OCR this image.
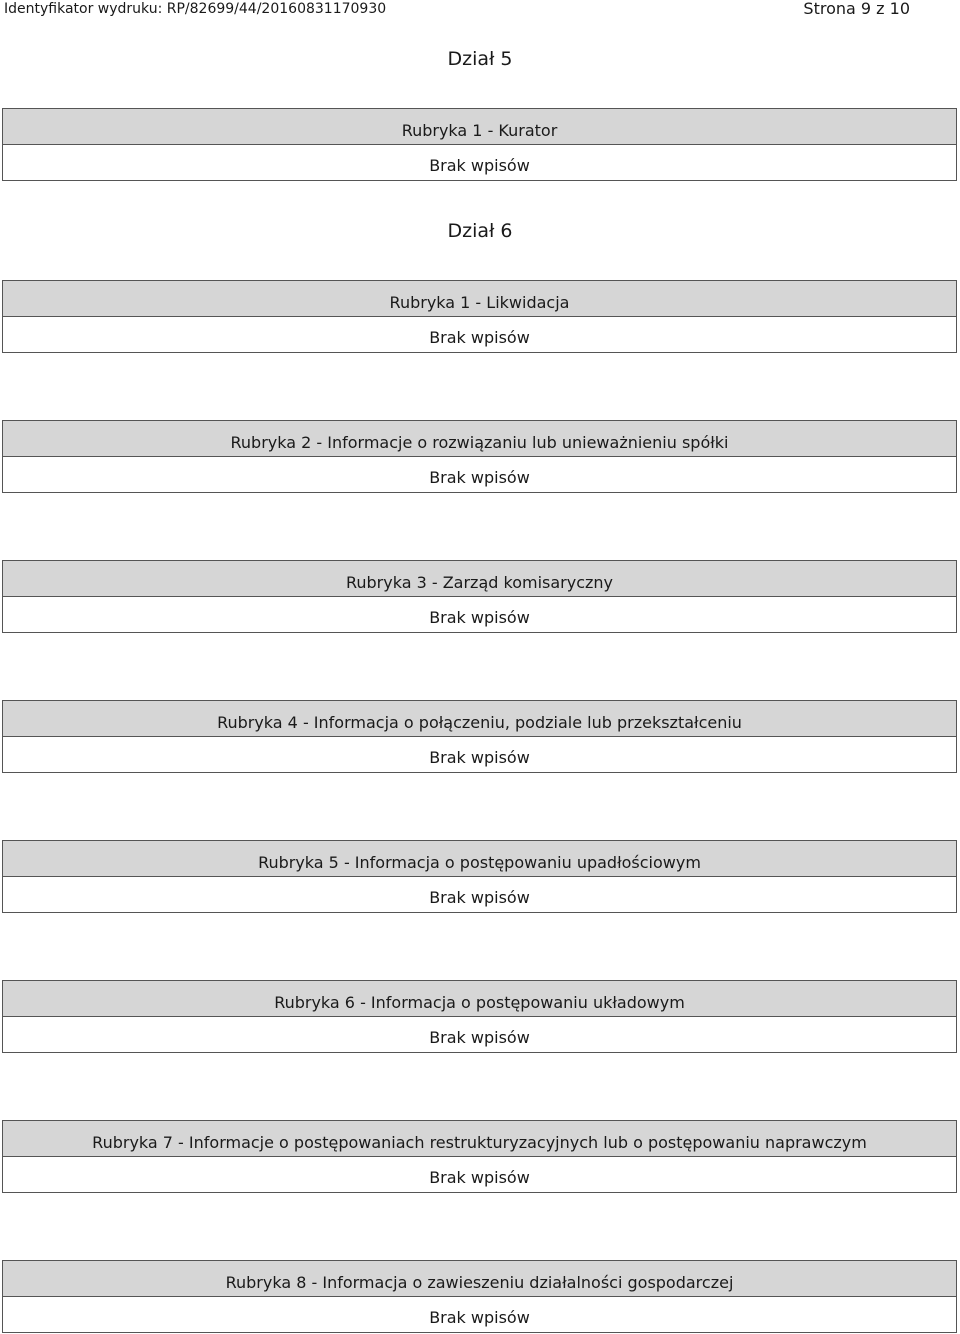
Identyfikator wydruku: RP/82699/44/20160831170930	Strona 9 z 10
Dział 5
Rubryka 1 - Kurator
Brak wpisów
Dział 6
Rubryka 1 - Likwidacja
Brak wpisów
Rubryka 2 - Informacje o rozwiązaniu lub unieważnieniu spółki
Brak wpisów
Rubryka 3 - Zarząd komisaryczny
Brak wpisów
Rubryka 4 - Informacja o połączeniu, podziale lub przekształceniu
Brak wpisów
Rubryka 5 - Informacja o postępowaniu upadłościowym
Brak wpisów
Rubryka 6 - Informacja o postępowaniu układowym
Brak wpisów
Rubryka 7 - Informacje o postępowaniach restrukturyzacyjnych lub o postępowaniu naprawczym
Brak wpisów
Rubryka 8 - Informacja o zawieszeniu działalności gospodarczej
Brak wpisów
